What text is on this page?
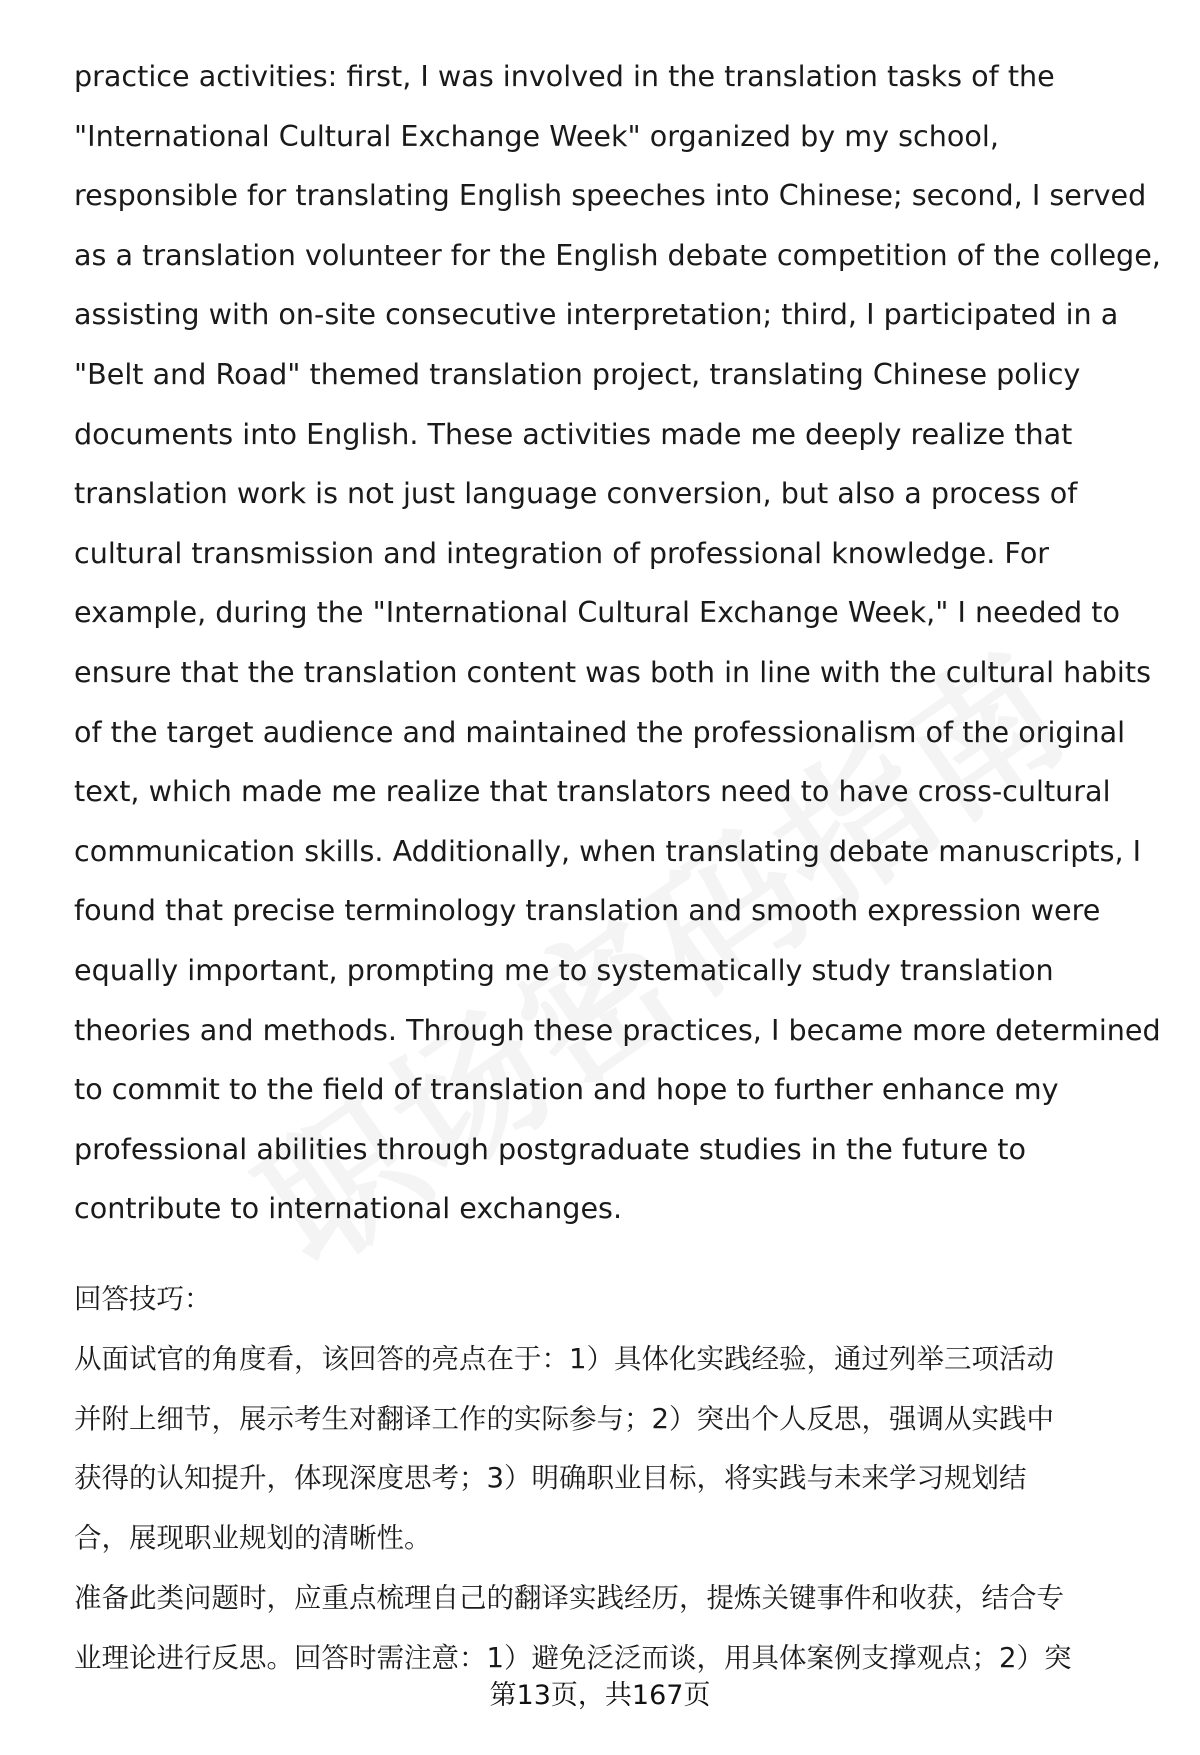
practice activities: first, I was involved in the translation tasks of the
"International Cultural Exchange Week" organized by my school,
responsible for translating English speeches into Chinese; second, I served
as a translation volunteer for the English debate competition of the college,
assisting with on-site consecutive interpretation; third, I participated in a
"Belt and Road" themed translation project, translating Chinese policy
documents into English. These activities made me deeply realize that
translation work is not just language conversion, but also a process of
cultural transmission and integration of professional knowledge. For
example, during the "International Cultural Exchange Week," I needed to
ensure that the translation content was both in line with the cultural habits
of the target audience and maintained the professionalism of the original
text, which made me realize that translators need to have cross-cultural
communication skills. Additionally, when translating debate manuscripts, I
found that precise terminology translation and smooth expression were
equally important, prompting me to systematically study translation
theories and methods. Through these practices, I became more determined
to commit to the field of translation and hope to further enhance my
professional abilities through postgraduate studies in the future to
contribute to international exchanges.
回答技巧：
从面试官的角度看，该回答的亮点在于：1）具体化实践经验，通过列举三项活动
并附上细节，展示考生对翻译工作的实际参与；2）突出个人反思，强调从实践中
获得的认知提升，体现深度思考；3）明确职业目标，将实践与未来学习规划结
合，展现职业规划的清晰性。
准备此类问题时，应重点梳理自己的翻译实践经历，提炼关键事件和收获，结合专
业理论进行反思。回答时需注意：1）避免泛泛而谈，用具体案例支撑观点；2）突
第13页，共167页
